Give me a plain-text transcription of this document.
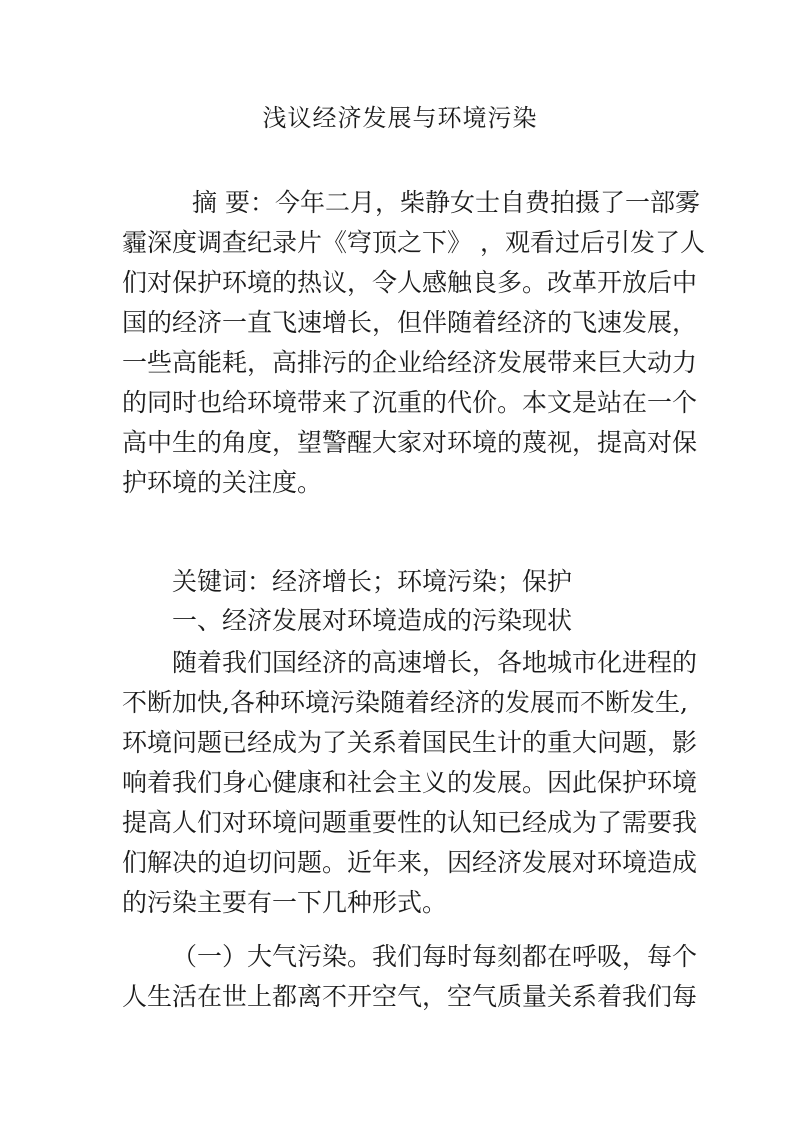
浅议经济发展与环境污染
摘 要：今年二月，柴静女士自费拍摄了一部雾
霾深度调查纪录片《穹顶之下》 ，观看过后引发了人
们对保护环境的热议，令人感触良多。改革开放后中
国的经济一直飞速增长，但伴随着经济的飞速发展，
一些高能耗，高排污的企业给经济发展带来巨大动力
的同时也给环境带来了沉重的代价。本文是站在一个
高中生的角度，望警醒大家对环境的蔑视，提高对保
护环境的关注度。
关键词：经济增长；环境污染；保护
一、经济发展对环境造成的污染现状
随着我们国经济的高速增长，各地城市化进程的
不断加快,各种环境污染随着经济的发展而不断发生,
环境问题已经成为了关系着国民生计的重大问题，影
响着我们身心健康和社会主义的发展。因此保护环境
提高人们对环境问题重要性的认知已经成为了需要我
们解决的迫切问题。近年来，因经济发展对环境造成
的污染主要有一下几种形式。
（一）大气污染。我们每时每刻都在呼吸，每个
人生活在世上都离不开空气，空气质量关系着我们每
